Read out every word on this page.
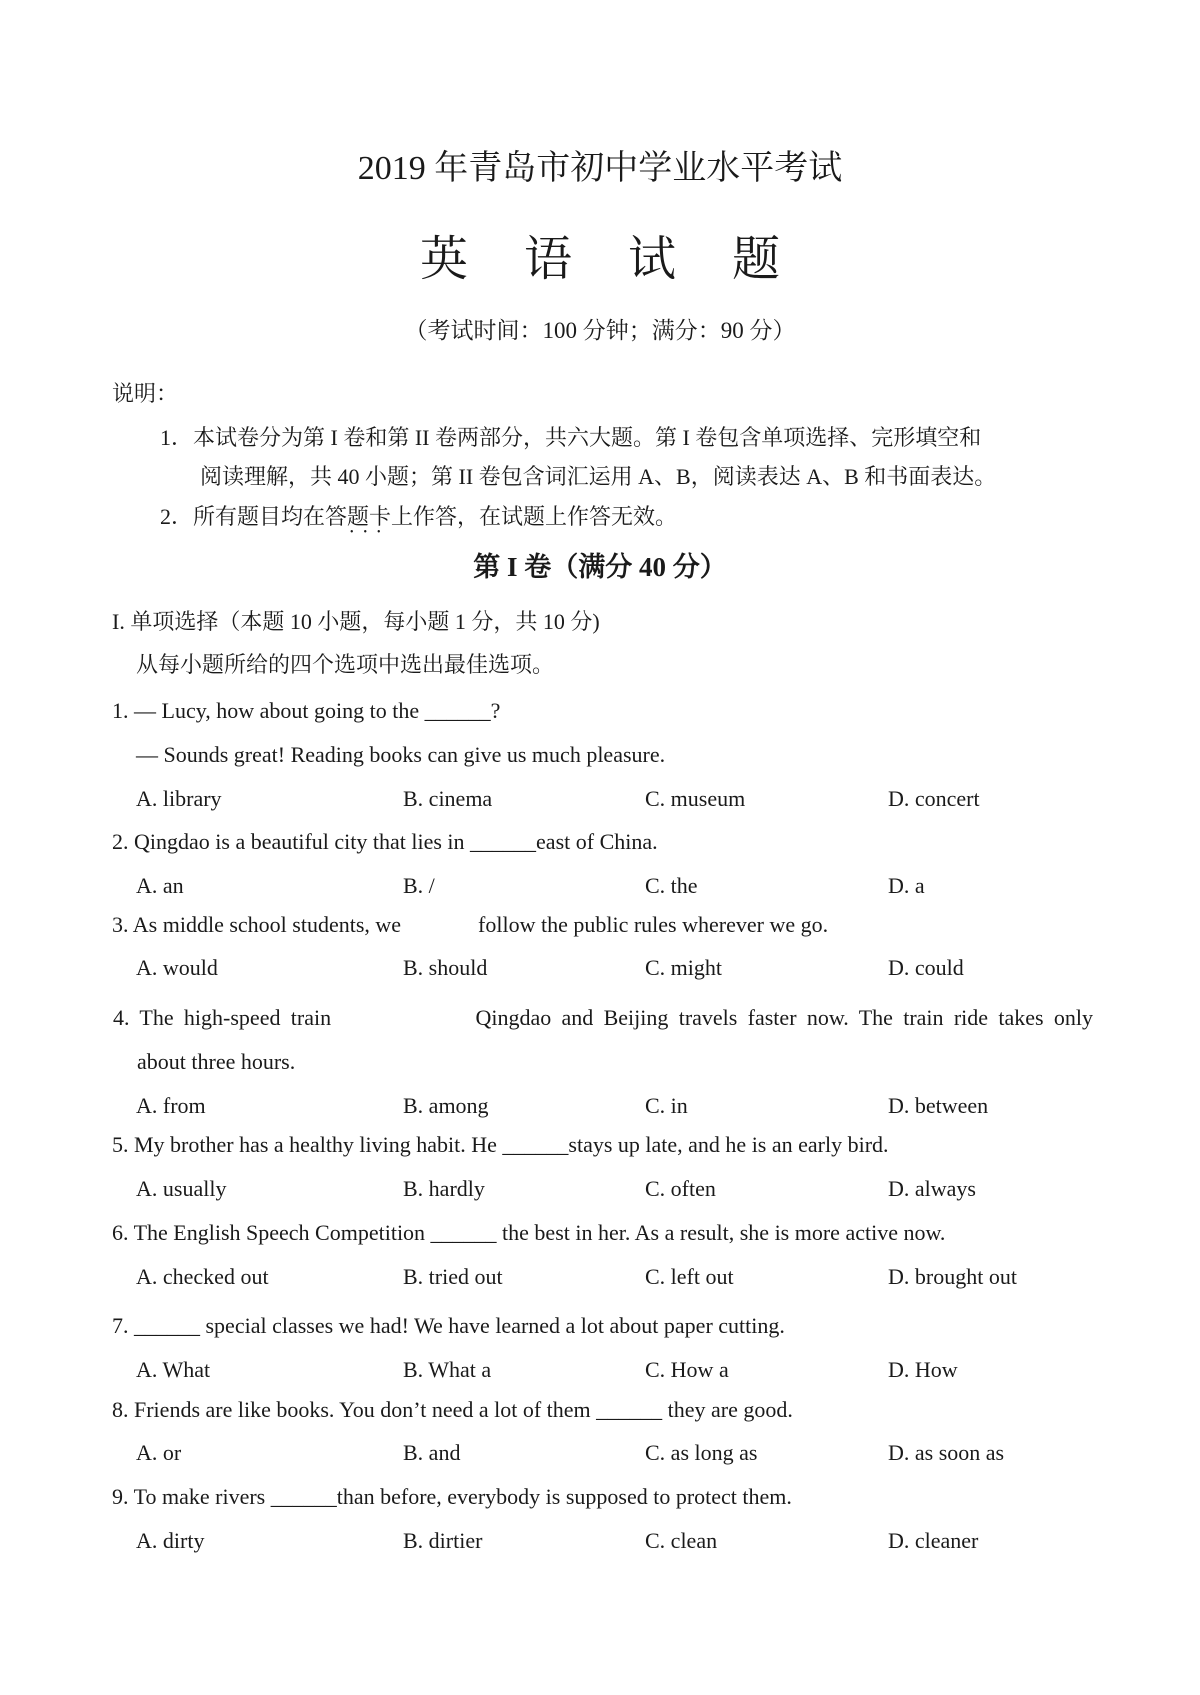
2019 年青岛市初中学业水平考试
英 语 试 题
（考试时间：100 分钟；满分：90 分）
说明：
1．本试卷分为第 I 卷和第 II 卷两部分，共六大题。第 I 卷包含单项选择、完形填空和
阅读理解，共 40 小题；第 II 卷包含词汇运用 A、B，阅读表达 A、B 和书面表达。
2．所有题目均在答题卡上作答，在试题上作答无效。
•••
第 I 卷（满分 40 分）
I. 单项选择（本题 10 小题，每小题 1 分，共 10 分)
从每小题所给的四个选项中选出最佳选项。
1. — Lucy, how about going to the ______?
— Sounds great! Reading books can give us much pleasure.
A. library	B. cinema	C. museum	D. concert
2. Qingdao is a beautiful city that lies in ______east of China.
A. an	B. /	C. the	D. a
3. As middle school students, we              follow the public rules wherever we go.
A. would	B. should	C. might	D. could
4. The high-speed train              Qingdao and Beijing travels faster now. The train ride takes only
about three hours.
A. from	B. among	C. in	D. between
5. My brother has a healthy living habit. He ______stays up late, and he is an early bird.
A. usually	B. hardly	C. often	D. always
6. The English Speech Competition ______ the best in her. As a result, she is more active now.
A. checked out	B. tried out	C. left out	D. brought out
7. ______ special classes we had! We have learned a lot about paper cutting.
A. What	B. What a	C. How a	D. How
8. Friends are like books. You don’t need a lot of them ______ they are good.
A. or	B. and	C. as long as	D. as soon as
9. To make rivers ______than before, everybody is supposed to protect them.
A. dirty	B. dirtier	C. clean	D. cleaner
